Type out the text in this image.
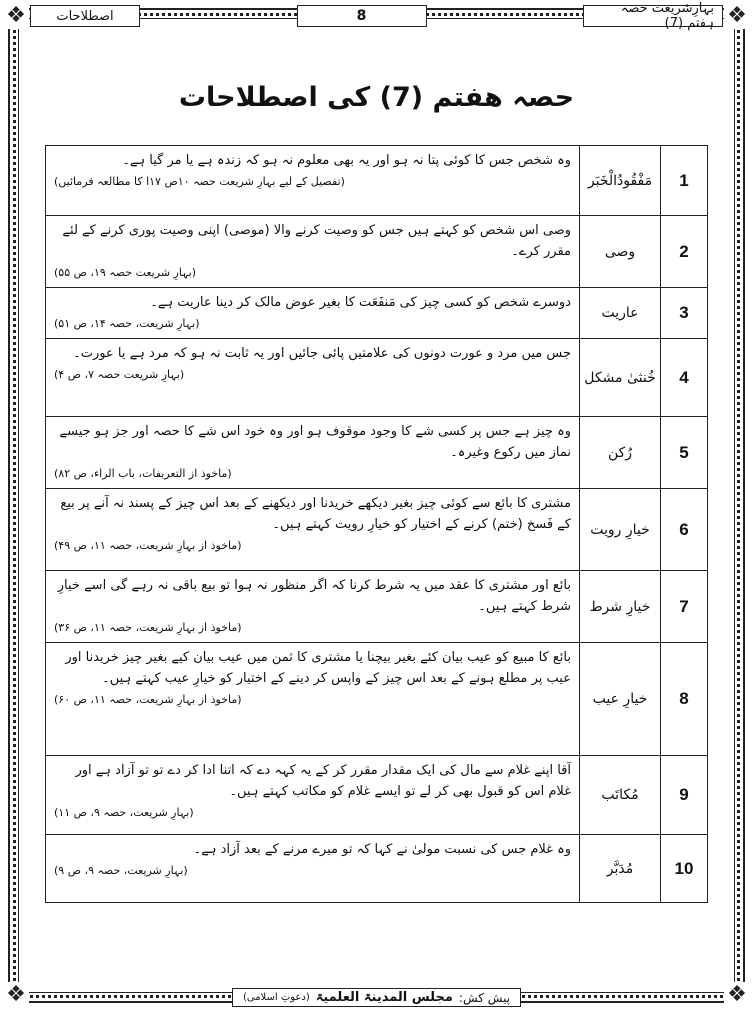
❖	❖
❖	❖
بہارِشریعت حصہ ہفتم (7)
8
اصطلاحات
حصہ ھفتم (7) کی اصطلاحات
1	مَفْقُودُالْخَبَر	وہ شخص جس کا کوئی پتا نہ ہو اور یہ بھی معلوم نہ ہو کہ زندہ ہے یا مر گیا ہے۔
(تفصیل کے لیے بہارِ شریعت حصہ ۱۰ص ۱۷ا کا مطالعہ فرمائیں)

2	وصی	وصی اس شخص کو کہتے ہیں جس کو وصیت کرنے والا (موصی) اپنی وصیت پوری کرنے کے لئے مقرر کرے۔
(بہارِ شریعت حصہ ۱۹، ص ۵۵)

3	عاریت	دوسرے شخص کو کسی چیز کی مَنفَعَت کا بغیر عوض مالک کر دینا عاریت ہے۔
(بہارِ شریعت، حصہ ۱۴، ص ۵۱)

4	خُنثیٰ مشکل	جس میں مرد و عورت دونوں کی علامتیں پائی جائیں اور یہ ثابت نہ ہو کہ مرد ہے یا عورت۔
(بہارِ شریعت حصہ ۷، ص ۴)

5	رُکن	وہ چیز ہے جس پر کسی شے کا وجود موقوف ہو اور وہ خود اس شے کا حصہ اور جز ہو جیسے نماز میں رکوع وغیرہ۔
(ماخوذ از التعریفات، باب الراء، ص ۸۲)

6	خیارِ رویت	مشتری کا بائع سے کوئی چیز بغیر دیکھے خریدنا اور دیکھنے کے بعد اس چیز کے پسند نہ آنے پر بیع کے فَسخ (ختم) کرنے کے اختیار کو خیارِ رویت کہتے ہیں۔
(ماخوذ از بہارِ شریعت، حصہ ۱۱، ص ۴۹)

7	خیارِ شرط	بائع اور مشتری کا عقد میں یہ شرط کرنا کہ اگر منظور نہ ہوا تو بیع باقی نہ رہے گی اسے خیارِ شرط کہتے ہیں۔
(ماخوذ از بہارِ شریعت، حصہ ۱۱، ص ۳۶)

8	خیارِ عیب	بائع کا مبیع کو عیب بیان کئے بغیر بیچنا یا مشتری کا ثمن میں عیب بیان کیے بغیر چیز خریدنا اور عیب پر مطلع ہونے کے بعد اس چیز کے واپس کر دینے کے اختیار کو خیارِ عیب کہتے ہیں۔
(ماخوذ از بہارِ شریعت، حصہ ۱۱، ص ۶۰)

9	مُکاتَب	آقا اپنے غلام سے مال کی ایک مقدار مقرر کر کے یہ کہہ دے کہ اتنا ادا کر دے تو تو آزاد ہے اور غلام اس کو قبول بھی کر لے تو ایسے غلام کو مکاتب کہتے ہیں۔
(بہارِ شریعت، حصہ ۹، ص ۱۱)

10	مُدَبَّر	وہ غلام جس کی نسبت مولیٰ نے کہا کہ تو میرے مرنے کے بعد آزاد ہے۔
(بہارِ شریعت، حصہ ۹، ص ۹)
پیش کش:
مجلس المدینۃ العلمیۃ
(دعوتِ اسلامی)
